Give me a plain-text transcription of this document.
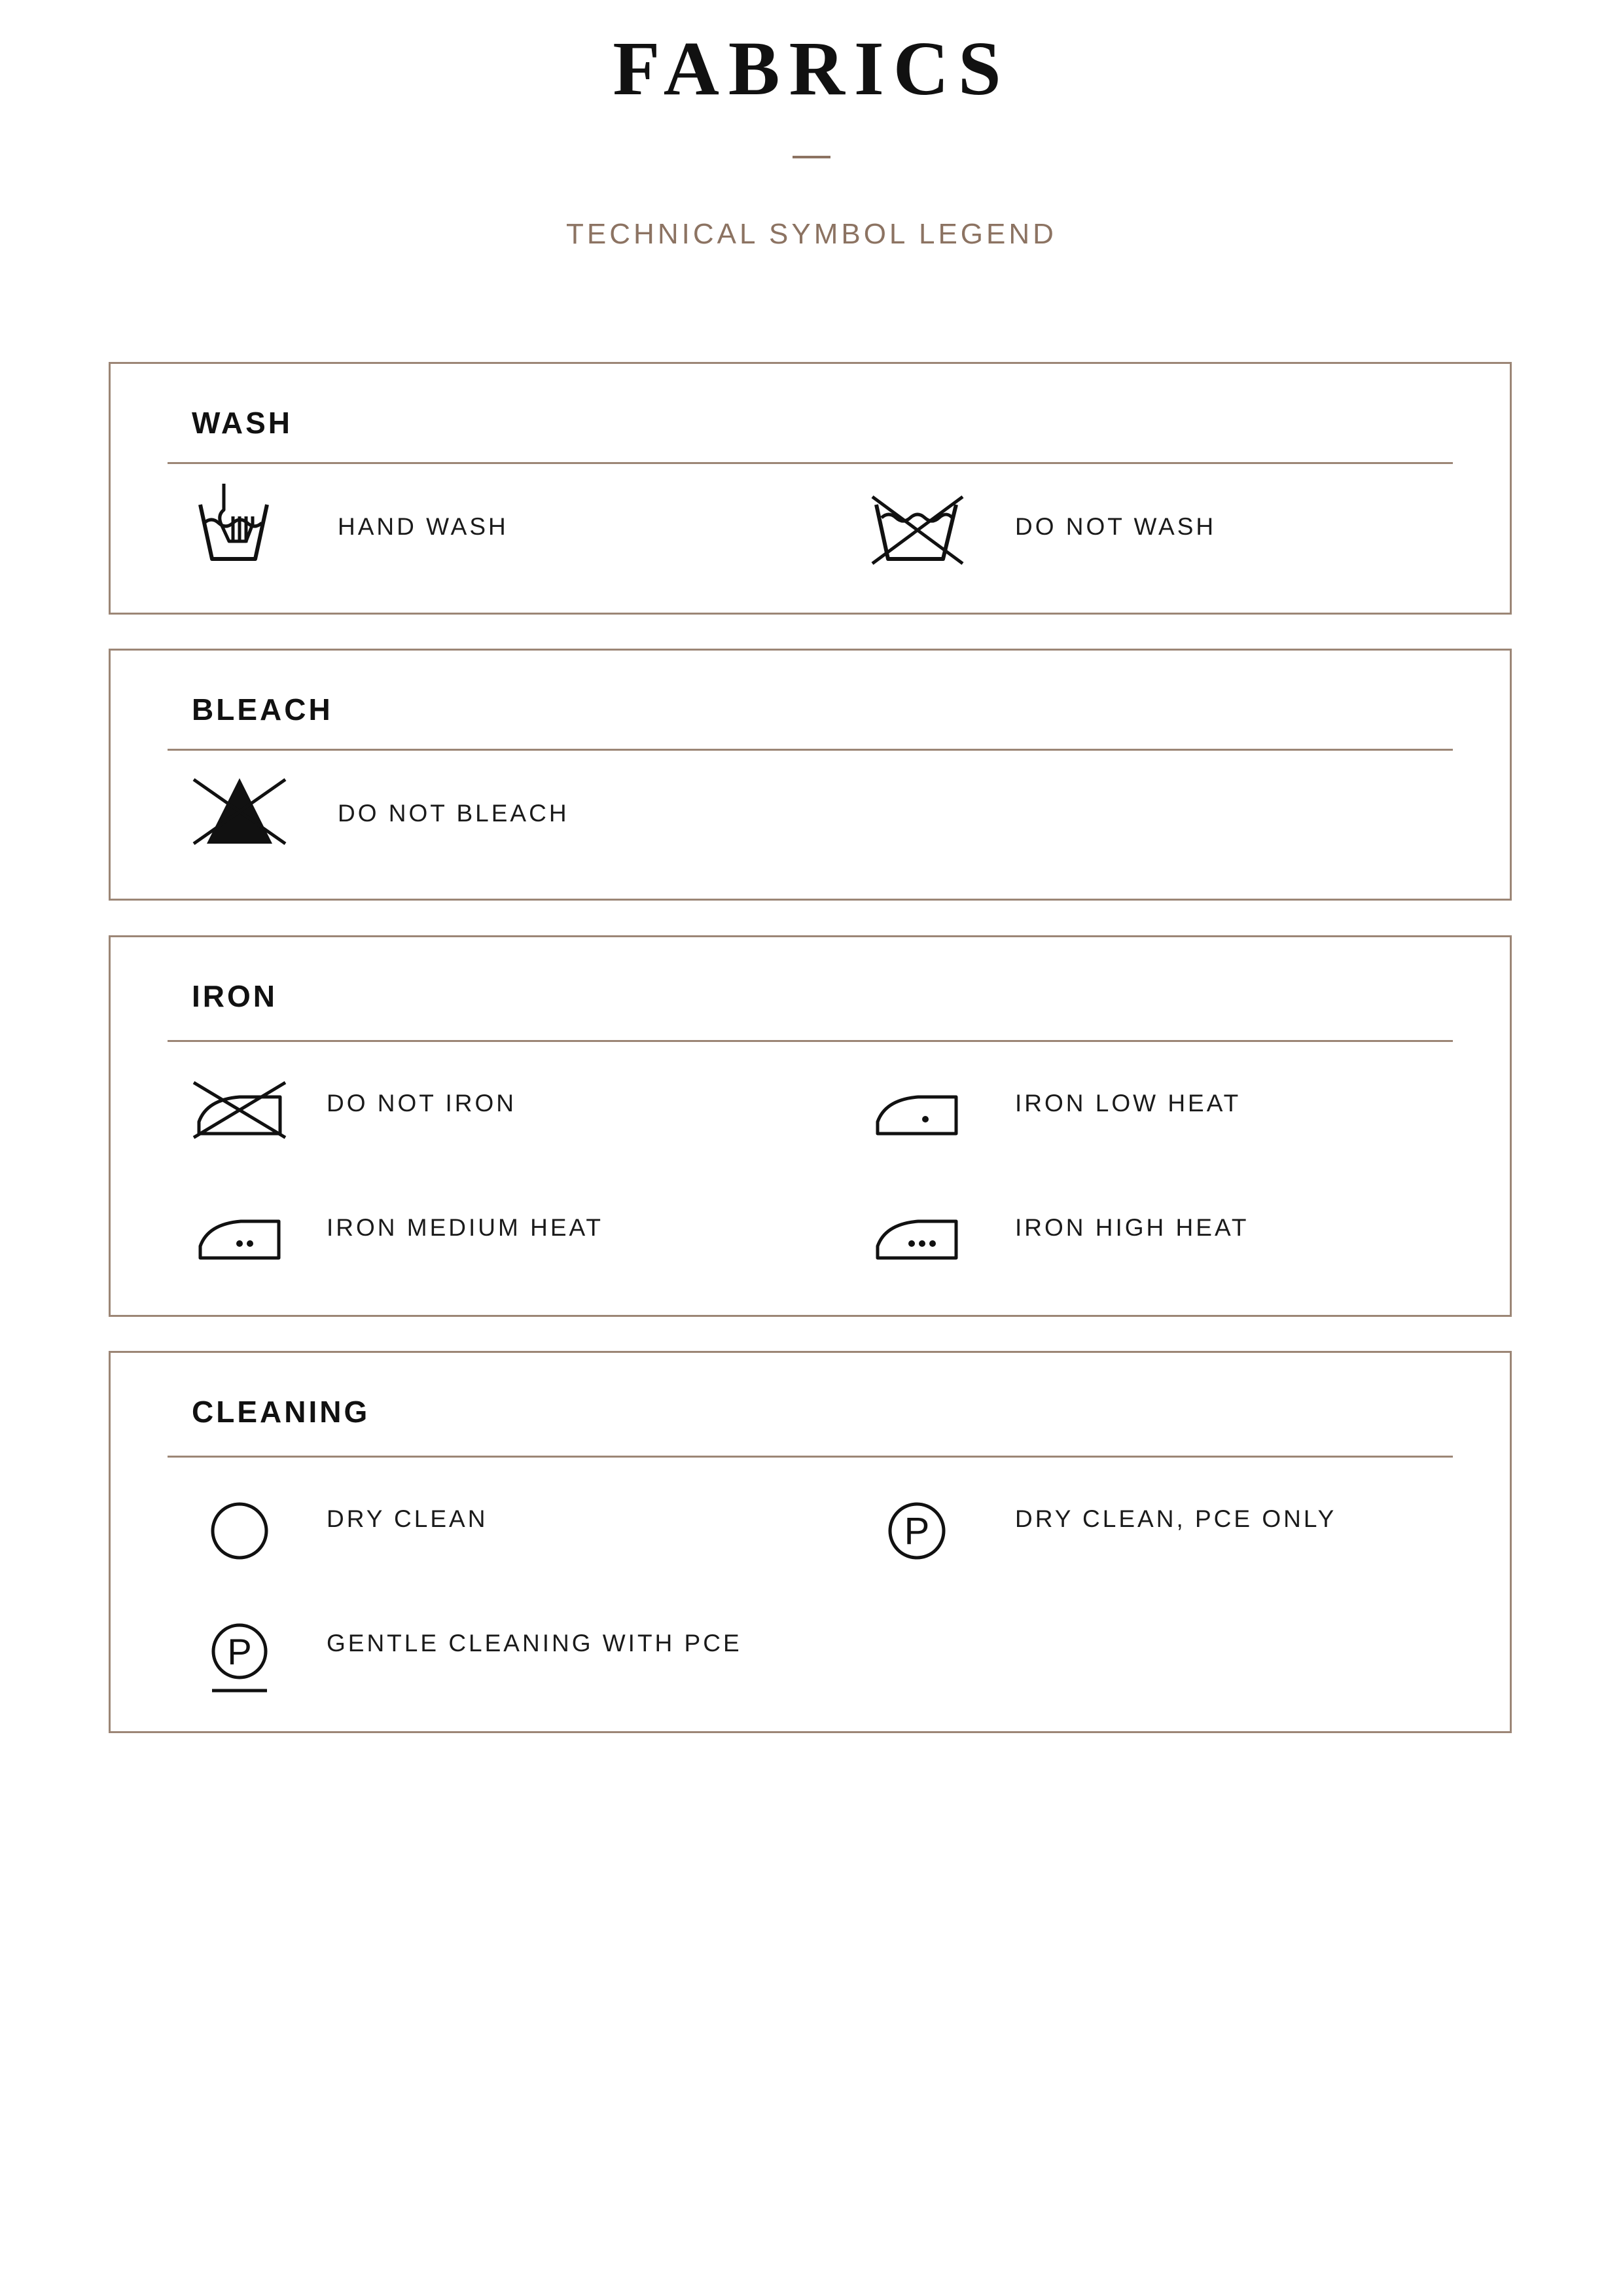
FABRICS
TECHNICAL SYMBOL LEGEND
WASH
HAND WASH	DO NOT WASH
BLEACH
DO NOT BLEACH
IRON
DO NOT IRON	IRON LOW HEAT
IRON MEDIUM HEAT	IRON HIGH HEAT
CLEANING
DRY CLEAN	P	DRY CLEAN, PCE ONLY
P	GENTLE CLEANING WITH PCE
